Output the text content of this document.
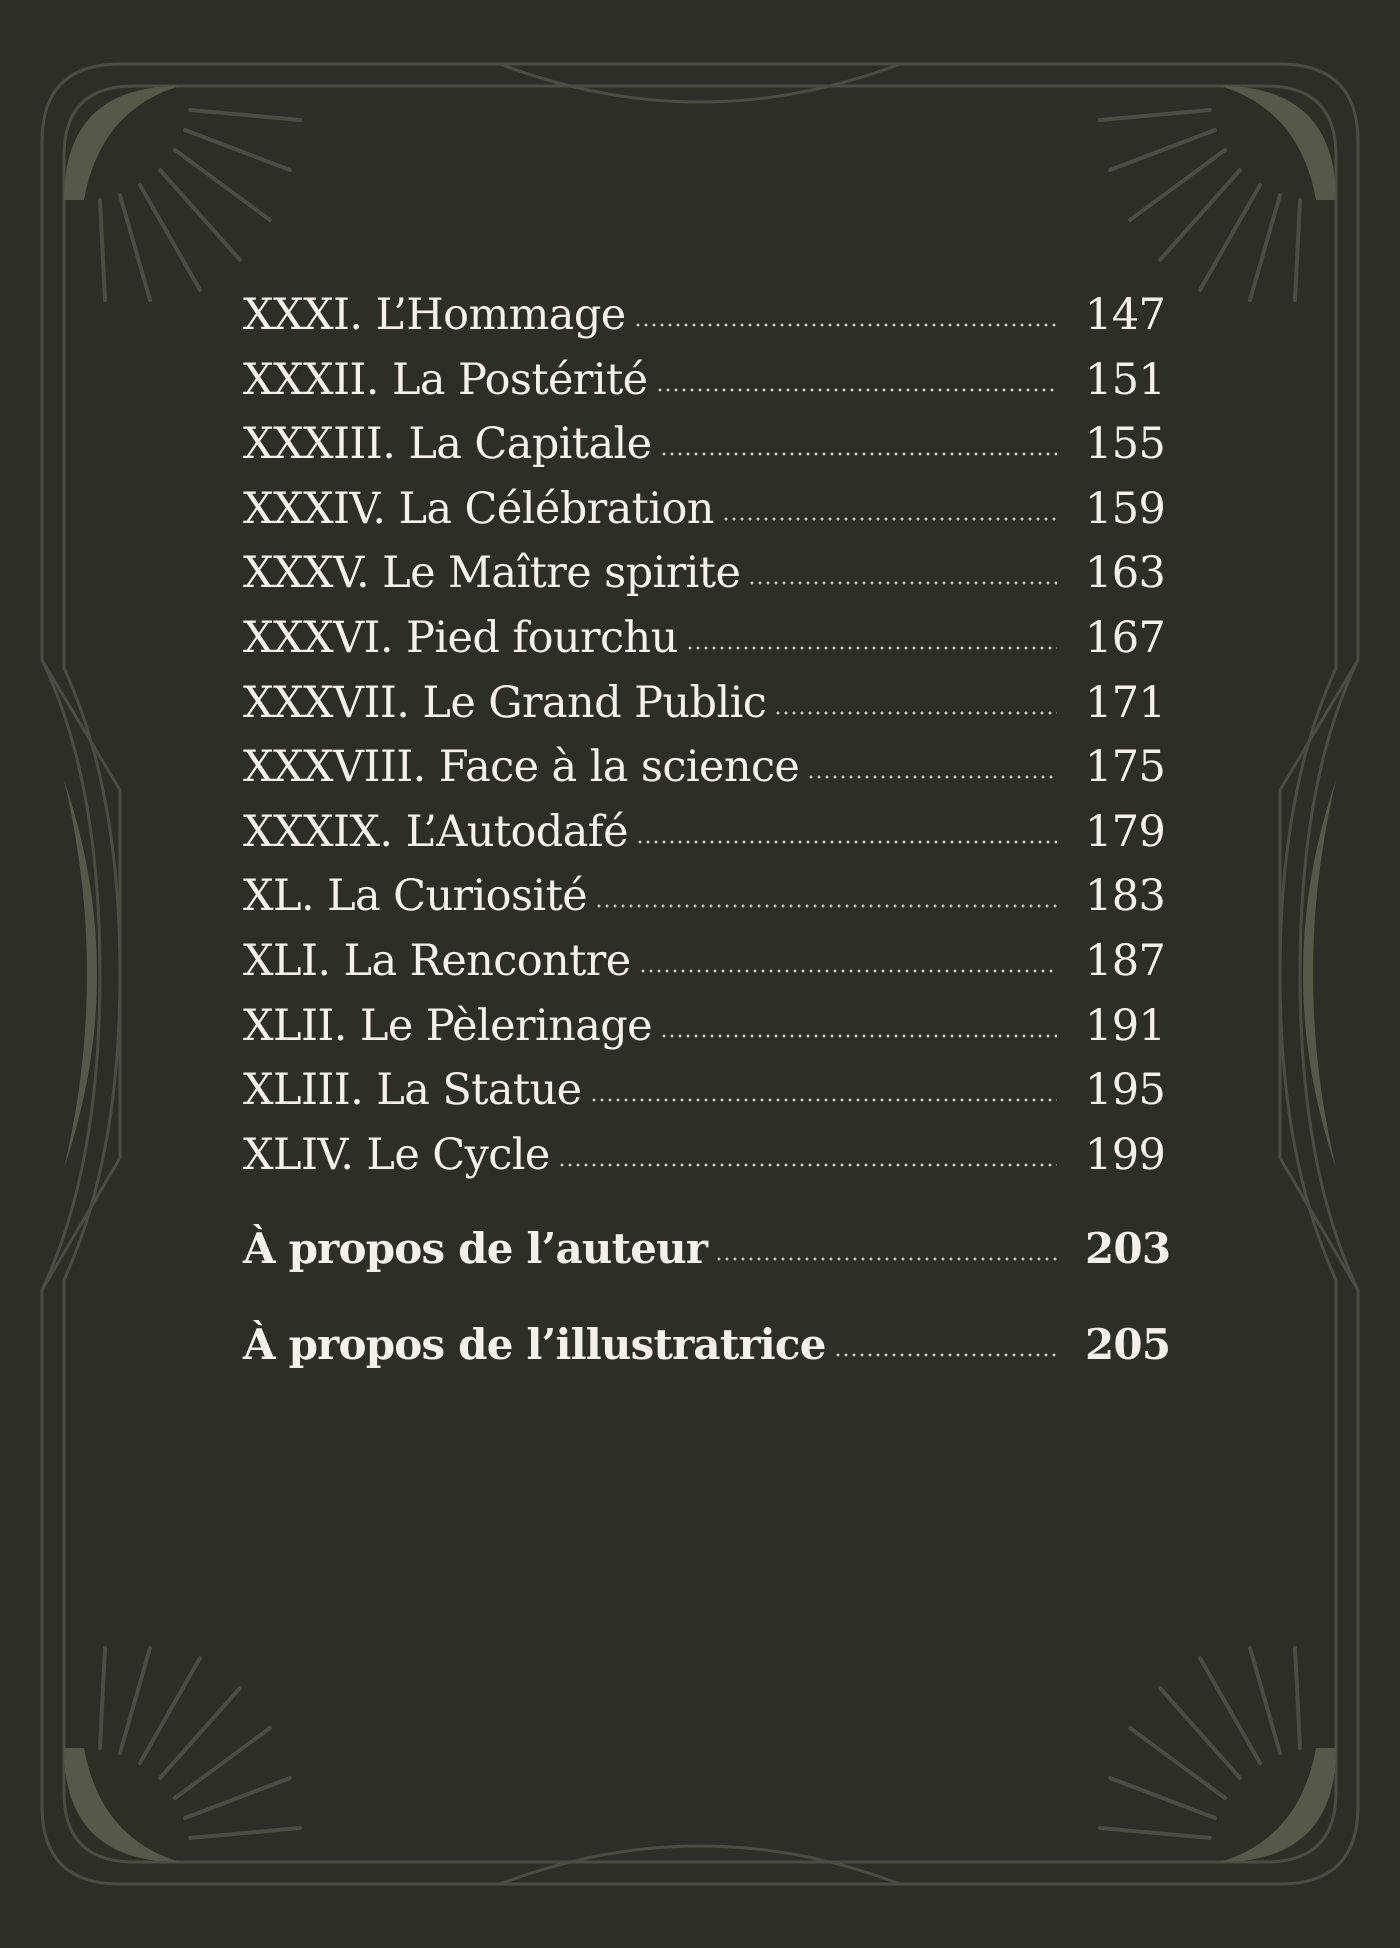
XXXI. L’Hommage	147
XXXII. La Postérité	151
XXXIII. La Capitale	155
XXXIV. La Célébration	159
XXXV. Le Maître spirite	163
XXXVI. Pied fourchu	167
XXXVII. Le Grand Public	171
XXXVIII. Face à la science	175
XXXIX. L’Autodafé	179
XL. La Curiosité	183
XLI. La Rencontre	187
XLII. Le Pèlerinage	191
XLIII. La Statue	195
XLIV. Le Cycle	199
À propos de l’auteur	203
À propos de l’illustratrice	205
